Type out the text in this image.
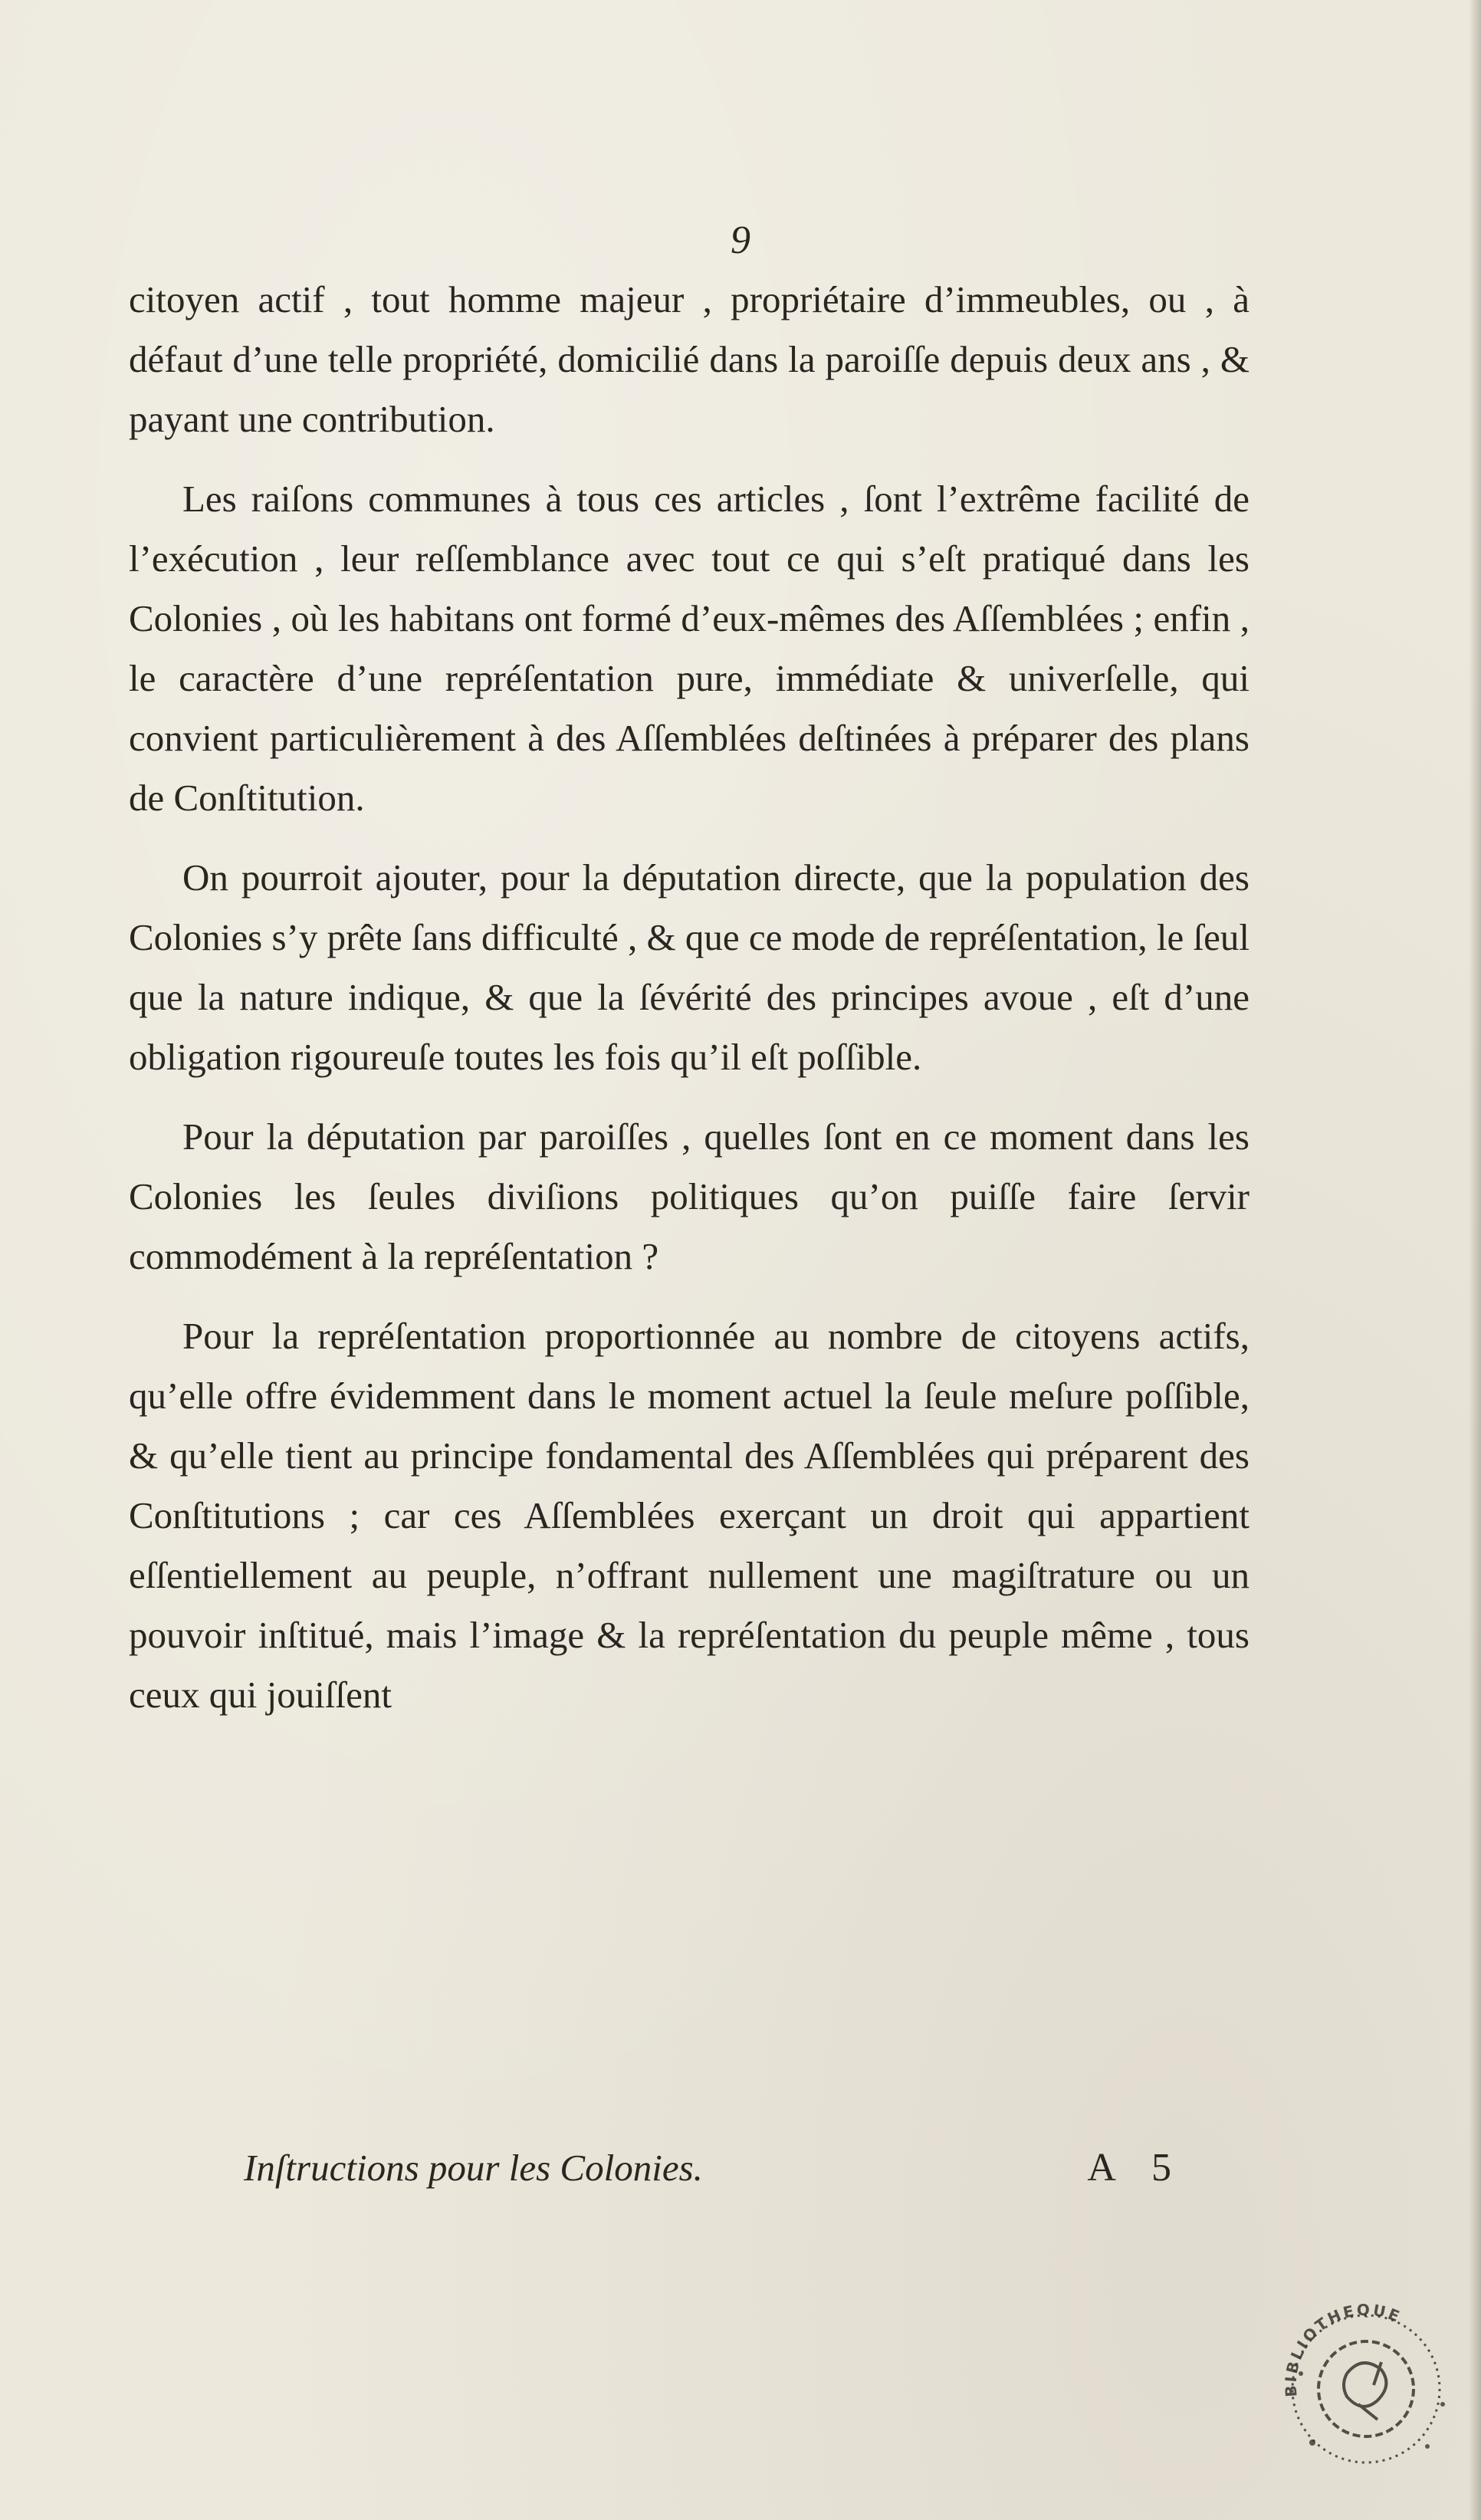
9

citoyen actif , tout homme majeur , propriétaire d’immeubles, ou , à défaut d’une telle propriété, domicilié dans la paroiſſe depuis deux ans , & payant une contribution.

Les raiſons communes à tous ces articles , ſont l’extrême facilité de l’exécution , leur reſſemblance avec tout ce qui s’eſt pratiqué dans les Colonies , où les habitans ont formé d’eux-mêmes des Aſſemblées ; enfin , le caractère d’une repréſentation pure, immédiate & univerſelle, qui convient particulièrement à des Aſſemblées deſtinées à préparer des plans de Conſtitution.

On pourroit ajouter, pour la députation directe, que la population des Colonies s’y prête ſans difficulté , & que ce mode de repréſentation, le ſeul que la nature indique, & que la ſévérité des principes avoue , eſt d’une obligation rigoureuſe toutes les fois qu’il eſt poſſible.

Pour la députation par paroiſſes , quelles ſont en ce moment dans les Colonies les ſeules diviſions politiques qu’on puiſſe faire ſervir commodément à la repréſentation ?

Pour la repréſentation proportionnée au nombre de citoyens actifs, qu’elle offre évidemment dans le moment actuel la ſeule meſure poſſible, & qu’elle tient au principe fondamental des Aſſemblées qui préparent des Conſtitutions ; car ces Aſſemblées exerçant un droit qui appartient eſſentiellement au peuple, n’offrant nullement une magiſtrature ou un pouvoir inſtitué, mais l’image & la repréſentation du peuple même , tous ceux qui jouiſſent

Inſtructions pour les Colonies.	A 5
BIBLIOTHEQUE
